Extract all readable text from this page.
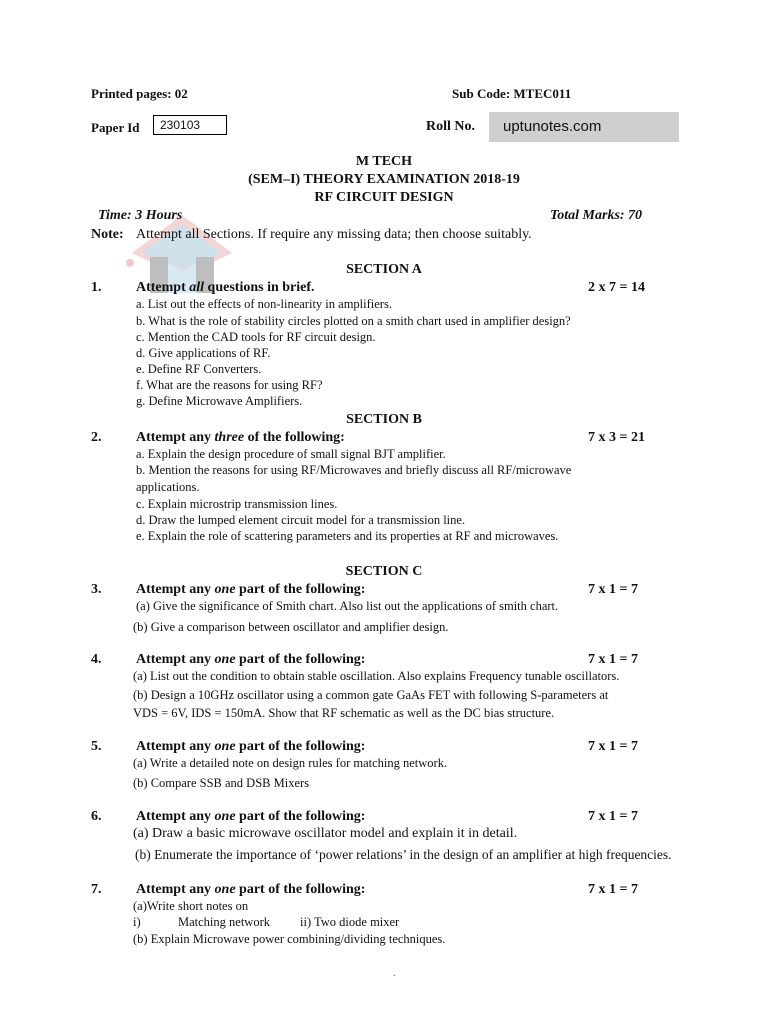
Printed pages: 02	Sub Code: MTEC011
Paper Id	230103	Roll No.	uptunotes.com
M TECH
(SEM–I) THEORY EXAMINATION 2018-19
RF CIRCUIT DESIGN
Time: 3 Hours	Total Marks: 70
Note: Attempt all Sections. If require any missing data; then choose suitably.
SECTION A
1. Attempt all questions in brief.	2 x 7 = 14
a. List out the effects of non-linearity in amplifiers.
b. What is the role of stability circles plotted on a smith chart used in amplifier design?
c. Mention the CAD tools for RF circuit design.
d. Give applications of RF.
e. Define RF Converters.
f. What are the reasons for using RF?
g. Define Microwave Amplifiers.
SECTION B
2. Attempt any three of the following:	7 x 3 = 21
a. Explain the design procedure of small signal BJT amplifier.
b. Mention the reasons for using RF/Microwaves and briefly discuss all RF/microwave
applications.
c. Explain microstrip transmission lines.
d. Draw the lumped element circuit model for a transmission line.
e. Explain the role of scattering parameters and its properties at RF and microwaves.
SECTION C
3. Attempt any one part of the following:	7 x 1 = 7
(a) Give the significance of Smith chart. Also list out the applications of smith chart.
(b) Give a comparison between oscillator and amplifier design.
4. Attempt any one part of the following:	7 x 1 = 7
(a) List out the condition to obtain stable oscillation. Also explains Frequency tunable oscillators.
(b) Design a 10GHz oscillator using a common gate GaAs FET with following S-parameters at
VDS = 6V, IDS = 150mA. Show that RF schematic as well as the DC bias structure.
5. Attempt any one part of the following:	7 x 1 = 7
(a) Write a detailed note on design rules for matching network.
(b) Compare SSB and DSB Mixers
6. Attempt any one part of the following:	7 x 1 = 7
(a) Draw a basic microwave oscillator model and explain it in detail.
(b) Enumerate the importance of ‘power relations’ in the design of an amplifier at high frequencies.
7. Attempt any one part of the following:	7 x 1 = 7
(a)Write short notes on
i)	Matching network ii) Two diode mixer
(b) Explain Microwave power combining/dividing techniques.
.
